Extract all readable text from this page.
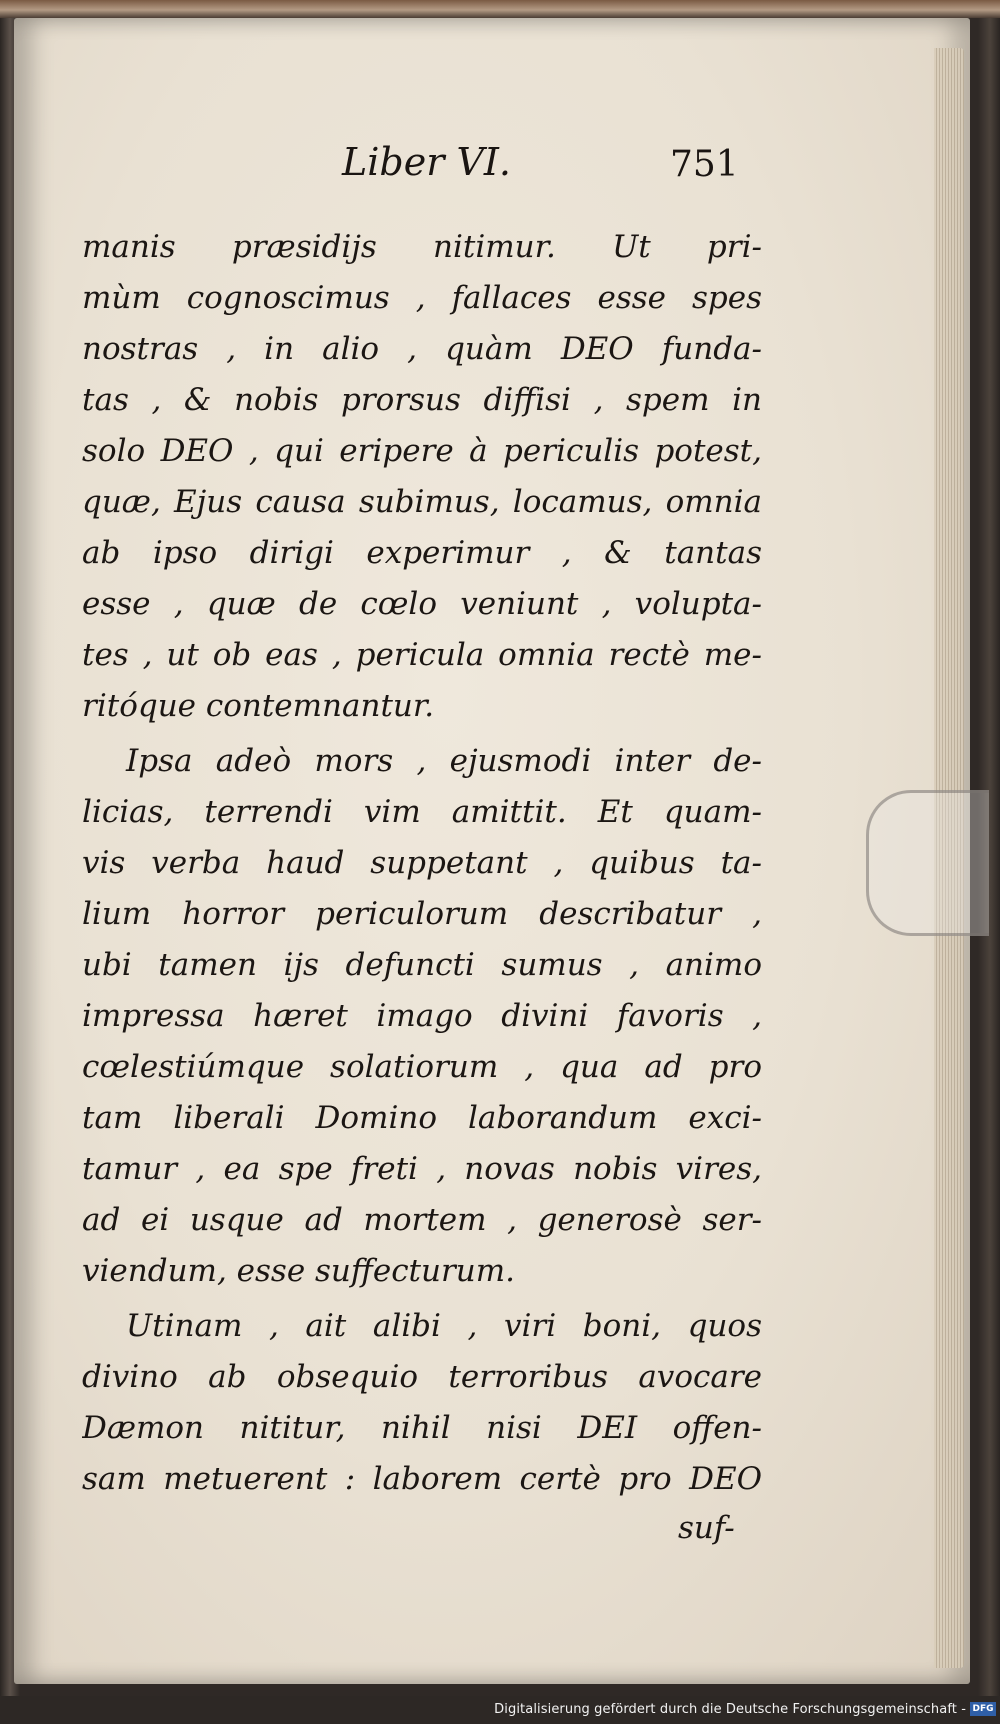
Liber VI.	751
manis præsidijs nitimur. Ut pri-
mùm cognoscimus , fallaces esse spes
nostras , in alio , quàm DEO funda-
tas , & nobis prorsus diffisi , spem in
solo DEO , qui eripere à periculis potest,
quæ, Ejus causa subimus, locamus, omnia
ab ipso dirigi experimur , & tantas
esse , quæ de cœlo veniunt , volupta-
tes , ut ob eas , pericula omnia rectè me-
ritóque contemnantur.
Ipsa adeò mors , ejusmodi inter de-
licias, terrendi vim amittit. Et quam-
vis verba haud suppetant , quibus ta-
lium horror periculorum describatur ,
ubi tamen ijs defuncti sumus , animo
impressa hæret imago divini favoris ,
cœlestiúmque solatiorum , qua ad pro
tam liberali Domino laborandum exci-
tamur , ea spe freti , novas nobis vires,
ad ei usque ad mortem , generosè ser-
viendum, esse suffecturum.
Utinam , ait alibi , viri boni, quos
divino ab obsequio terroribus avocare
Dæmon nititur, nihil nisi DEI offen-
sam metuerent : laborem certè pro DEO
suf-
Digitalisierung gefördert durch die Deutsche Forschungsgemeinschaft - DFG
